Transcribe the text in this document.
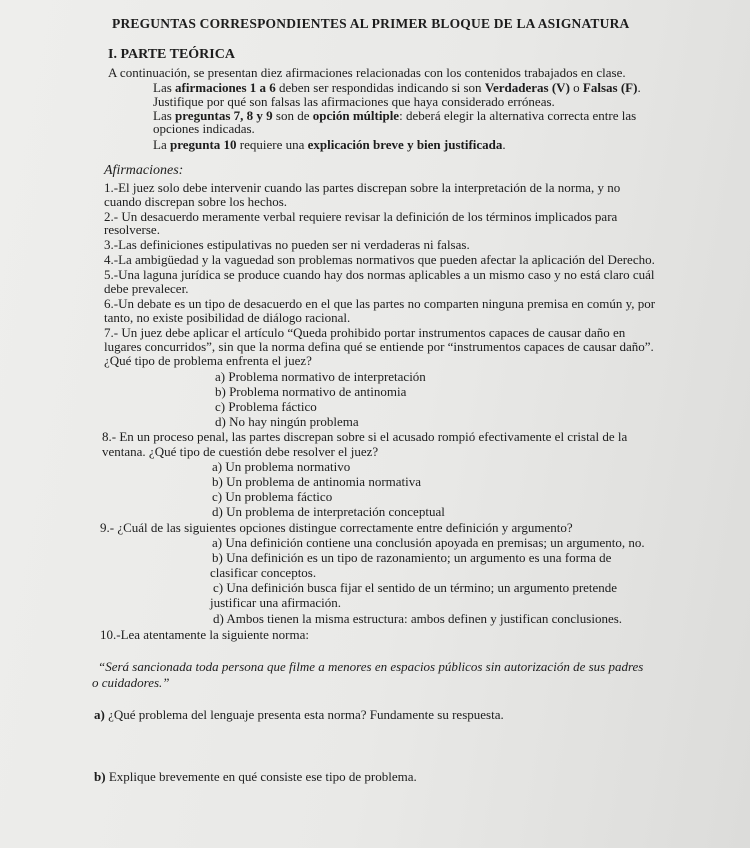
PREGUNTAS CORRESPONDIENTES AL PRIMER BLOQUE DE LA ASIGNATURA

I. PARTE TEÓRICA

A continuación, se presentan diez afirmaciones relacionadas con los contenidos trabajados en clase.

Las afirmaciones 1 a 6 deben ser respondidas indicando si son Verdaderas (V) o Falsas (F).

Justifique por qué son falsas las afirmaciones que haya considerado erróneas.

Las preguntas 7, 8 y 9 son de opción múltiple: deberá elegir la alternativa correcta entre las

opciones indicadas.

La pregunta 10 requiere una explicación breve y bien justificada.

Afirmaciones:

1.-El juez solo debe intervenir cuando las partes discrepan sobre la interpretación de la norma, y no

cuando discrepan sobre los hechos.

2.- Un desacuerdo meramente verbal requiere revisar la definición de los términos implicados para

resolverse.

3.-Las definiciones estipulativas no pueden ser ni verdaderas ni falsas.

4.-La ambigüedad y la vaguedad son problemas normativos que pueden afectar la aplicación del Derecho.

5.-Una laguna jurídica se produce cuando hay dos normas aplicables a un mismo caso y no está claro cuál

debe prevalecer.

6.-Un debate es un tipo de desacuerdo en el que las partes no comparten ninguna premisa en común y, por

tanto, no existe posibilidad de diálogo racional.

7.- Un juez debe aplicar el artículo “Queda prohibido portar instrumentos capaces de causar daño en

lugares concurridos”, sin que la norma defina qué se entiende por “instrumentos capaces de causar daño”.

¿Qué tipo de problema enfrenta el juez?

a) Problema normativo de interpretación

b) Problema normativo de antinomia

c) Problema fáctico

d) No hay ningún problema

8.- En un proceso penal, las partes discrepan sobre si el acusado rompió efectivamente el cristal de la

ventana. ¿Qué tipo de cuestión debe resolver el juez?

a) Un problema normativo

b) Un problema de antinomia normativa

c) Un problema fáctico

d) Un problema de interpretación conceptual

9.- ¿Cuál de las siguientes opciones distingue correctamente entre definición y argumento?

a) Una definición contiene una conclusión apoyada en premisas; un argumento, no.

b) Una definición es un tipo de razonamiento; un argumento es una forma de

clasificar conceptos.

c) Una definición busca fijar el sentido de un término; un argumento pretende

justificar una afirmación.

d) Ambos tienen la misma estructura: ambos definen y justifican conclusiones.

10.-Lea atentamente la siguiente norma:

“Será sancionada toda persona que filme a menores en espacios públicos sin autorización de sus padres

o cuidadores.”

a) ¿Qué problema del lenguaje presenta esta norma? Fundamente su respuesta.

b) Explique brevemente en qué consiste ese tipo de problema.
